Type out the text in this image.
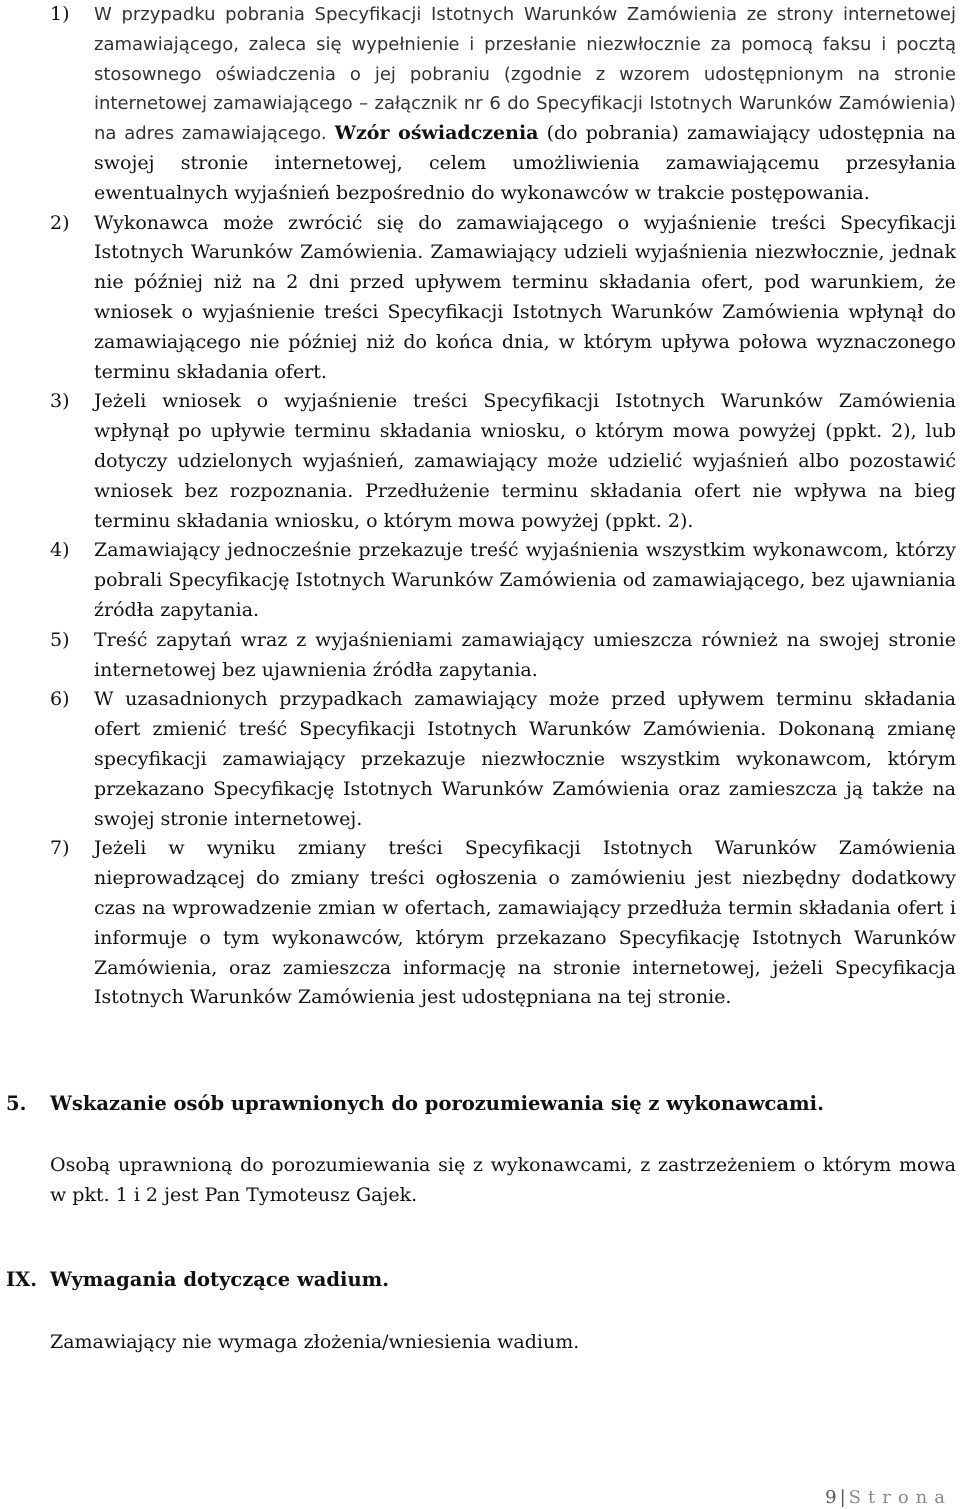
1) W przypadku pobrania Specyfikacji Istotnych Warunków Zamówienia ze strony internetowej zamawiającego, zaleca się wypełnienie i przesłanie niezwłocznie za pomocą faksu i pocztą stosownego oświadczenia o jej pobraniu (zgodnie z wzorem udostępnionym na stronie internetowej zamawiającego – załącznik nr 6 do Specyfikacji Istotnych Warunków Zamówienia) na adres zamawiającego. Wzór oświadczenia (do pobrania) zamawiający udostępnia na swojej stronie internetowej, celem umożliwienia zamawiającemu przesyłania ewentualnych wyjaśnień bezpośrednio do wykonawców w trakcie postępowania.
2) Wykonawca może zwrócić się do zamawiającego o wyjaśnienie treści Specyfikacji Istotnych Warunków Zamówienia. Zamawiający udzieli wyjaśnienia niezwłocznie, jednak nie później niż na 2 dni przed upływem terminu składania ofert, pod warunkiem, że wniosek o wyjaśnienie treści Specyfikacji Istotnych Warunków Zamówienia wpłynął do zamawiającego nie później niż do końca dnia, w którym upływa połowa wyznaczonego terminu składania ofert.
3) Jeżeli wniosek o wyjaśnienie treści Specyfikacji Istotnych Warunków Zamówienia wpłynął po upływie terminu składania wniosku, o którym mowa powyżej (ppkt. 2), lub dotyczy udzielonych wyjaśnień, zamawiający może udzielić wyjaśnień albo pozostawić wniosek bez rozpoznania. Przedłużenie terminu składania ofert nie wpływa na bieg terminu składania wniosku, o którym mowa powyżej (ppkt. 2).
4) Zamawiający jednocześnie przekazuje treść wyjaśnienia wszystkim wykonawcom, którzy pobrali Specyfikację Istotnych Warunków Zamówienia od zamawiającego, bez ujawniania źródła zapytania.
5) Treść zapytań wraz z wyjaśnieniami zamawiający umieszcza również na swojej stronie internetowej bez ujawnienia źródła zapytania.
6) W uzasadnionych przypadkach zamawiający może przed upływem terminu składania ofert zmienić treść Specyfikacji Istotnych Warunków Zamówienia. Dokonaną zmianę specyfikacji zamawiający przekazuje niezwłocznie wszystkim wykonawcom, którym przekazano Specyfikację Istotnych Warunków Zamówienia oraz zamieszcza ją także na swojej stronie internetowej.
7) Jeżeli w wyniku zmiany treści Specyfikacji Istotnych Warunków Zamówienia nieprowadzącej do zmiany treści ogłoszenia o zamówieniu jest niezbędny dodatkowy czas na wprowadzenie zmian w ofertach, zamawiający przedłuża termin składania ofert i informuje o tym wykonawców, którym przekazano Specyfikację Istotnych Warunków Zamówienia, oraz zamieszcza informację na stronie internetowej, jeżeli Specyfikacja Istotnych Warunków Zamówienia jest udostępniana na tej stronie.
5. Wskazanie osób uprawnionych do porozumiewania się z wykonawcami.
Osobą uprawnioną do porozumiewania się z wykonawcami, z zastrzeżeniem o którym mowa w pkt. 1 i 2 jest Pan Tymoteusz Gajek.
IX. Wymagania dotyczące wadium.
Zamawiający nie wymaga złożenia/wniesienia wadium.
9 | Strona
